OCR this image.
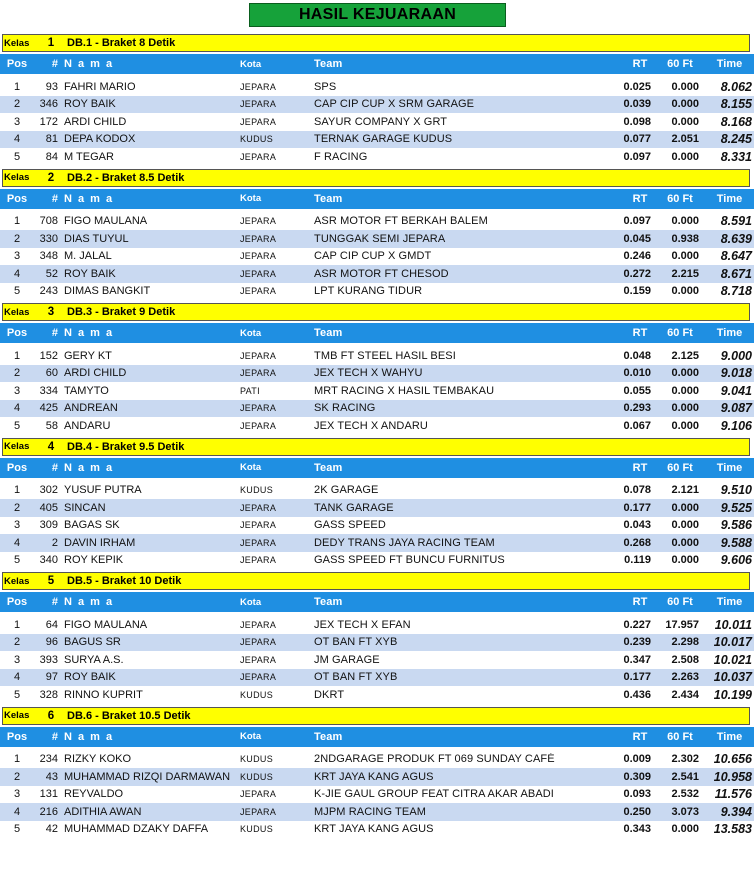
HASIL KEJUARAAN
Kelas	1	DB.1 - Braket 8 Detik
Pos	# N a m a	Kota	Team	RT	60 Ft	Time
1	93 FAHRI MARIO	JEPARA	SPS	0.025	0.000	8.062
2	346 ROY BAIK	JEPARA	CAP CIP CUP X SRM GARAGE	0.039	0.000	8.155
3	172 ARDI CHILD	JEPARA	SAYUR COMPANY X GRT	0.098	0.000	8.168
4	81 DEPA KODOX	KUDUS	TERNAK GARAGE KUDUS	0.077	2.051	8.245
5	84 M TEGAR	JEPARA	F RACING	0.097	0.000	8.331
Kelas	2	DB.2 - Braket 8.5 Detik
Pos	# N a m a	Kota	Team	RT	60 Ft	Time
1	708 FIGO MAULANA	JEPARA	ASR MOTOR FT BERKAH BALEM	0.097	0.000	8.591
2	330 DIAS TUYUL	JEPARA	TUNGGAK SEMI JEPARA	0.045	0.938	8.639
3	348 M. JALAL	JEPARA	CAP CIP CUP X GMDT	0.246	0.000	8.647
4	52 ROY BAIK	JEPARA	ASR MOTOR FT CHESOD	0.272	2.215	8.671
5	243 DIMAS BANGKIT	JEPARA	LPT KURANG TIDUR	0.159	0.000	8.718
Kelas	3	DB.3 - Braket 9 Detik
Pos	# N a m a	Kota	Team	RT	60 Ft	Time
1	152 GERY KT	JEPARA	TMB FT STEEL HASIL BESI	0.048	2.125	9.000
2	60 ARDI CHILD	JEPARA	JEX TECH X WAHYU	0.010	0.000	9.018
3	334 TAMYTO	PATI	MRT RACING X HASIL TEMBAKAU	0.055	0.000	9.041
4	425 ANDREAN	JEPARA	SK RACING	0.293	0.000	9.087
5	58 ANDARU	JEPARA	JEX TECH X ANDARU	0.067	0.000	9.106
Kelas	4	DB.4 - Braket 9.5 Detik
Pos	# N a m a	Kota	Team	RT	60 Ft	Time
1	302 YUSUF PUTRA	KUDUS	2K GARAGE	0.078	2.121	9.510
2	405 SINCAN	JEPARA	TANK GARAGE	0.177	0.000	9.525
3	309 BAGAS SK	JEPARA	GASS SPEED	0.043	0.000	9.586
4	2 DAVIN IRHAM	JEPARA	DEDY TRANS JAYA RACING TEAM	0.268	0.000	9.588
5	340 ROY KEPIK	JEPARA	GASS SPEED FT BUNCU FURNITUS	0.119	0.000	9.606
Kelas	5	DB.5 - Braket 10 Detik
Pos	# N a m a	Kota	Team	RT	60 Ft	Time
1	64 FIGO MAULANA	JEPARA	JEX TECH X EFAN	0.227	17.957	10.011
2	96 BAGUS SR	JEPARA	OT BAN FT XYB	0.239	2.298	10.017
3	393 SURYA A.S.	JEPARA	JM GARAGE	0.347	2.508	10.021
4	97 ROY BAIK	JEPARA	OT BAN FT XYB	0.177	2.263	10.037
5	328 RINNO KUPRIT	KUDUS	DKRT	0.436	2.434	10.199
Kelas	6	DB.6 - Braket 10.5 Detik
Pos	# N a m a	Kota	Team	RT	60 Ft	Time
1	234 RIZKY KOKO	KUDUS	2NDGARAGE PRODUK FT 069 SUNDAY CAFÉ	0.009	2.302	10.656
2	43 MUHAMMAD RIZQI DARMAWAN	KUDUS	KRT JAYA KANG AGUS	0.309	2.541	10.958
3	131 REYVALDO	JEPARA	K-JIE GAUL GROUP FEAT CITRA AKAR ABADI	0.093	2.532	11.576
4	216 ADITHIA AWAN	JEPARA	MJPM RACING TEAM	0.250	3.073	9.394
5	42 MUHAMMAD DZAKY DAFFA	KUDUS	KRT JAYA KANG AGUS	0.343	0.000	13.583
